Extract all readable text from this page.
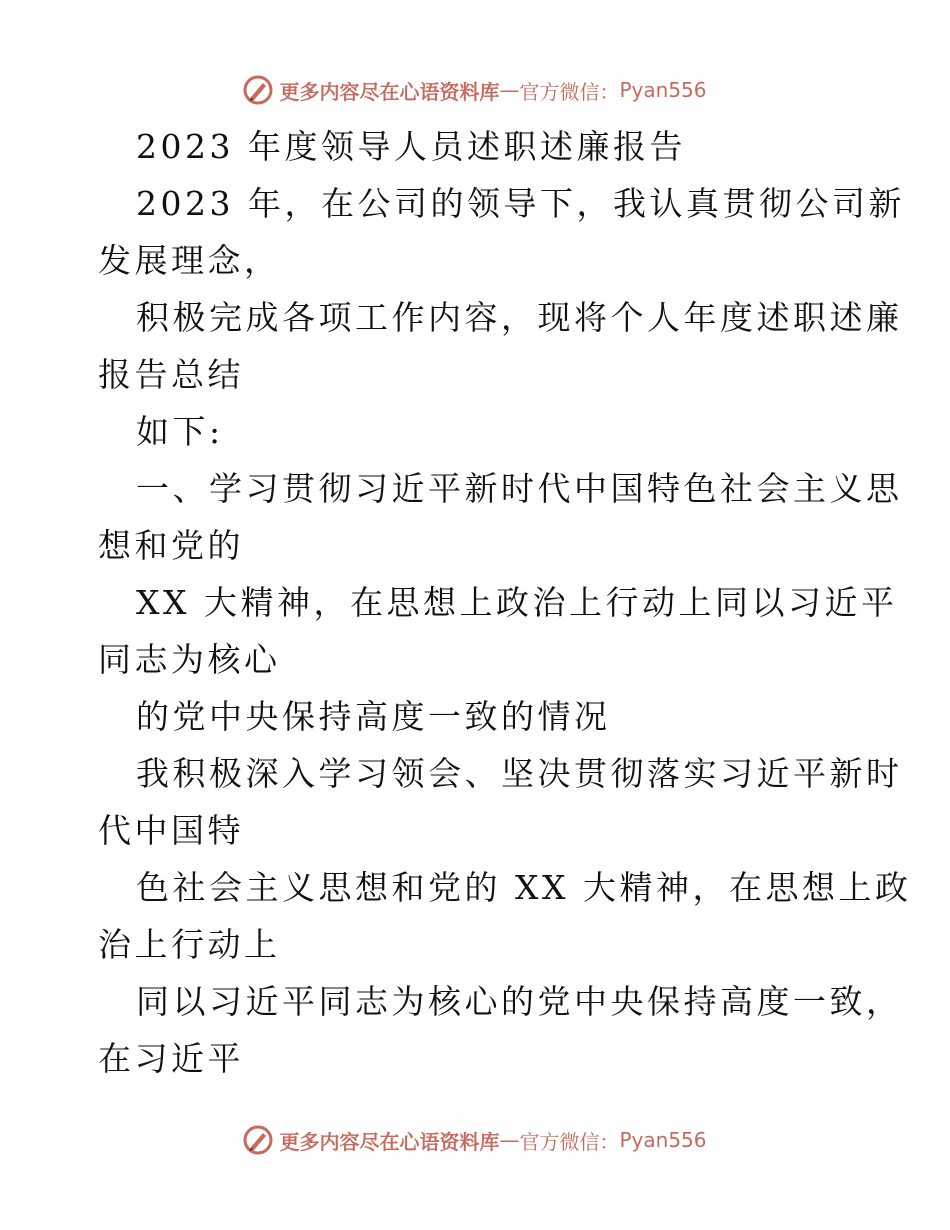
更多内容尽在心语资料库 — 官方微信： Pyan556
2023 年度领导人员述职述廉报告
2023 年，在公司的领导下，我认真贯彻公司新
发展理念，
积极完成各项工作内容，现将个人年度述职述廉
报告总结
如下:
一、学习贯彻习近平新时代中国特色社会主义思
想和党的
XX 大精神，在思想上政治上行动上同以习近平
同志为核心
的党中央保持高度一致的情况
我积极深入学习领会、坚决贯彻落实习近平新时
代中国特
色社会主义思想和党的 XX 大精神，在思想上政
治上行动上
同以习近平同志为核心的党中央保持高度一致，
在习近平
更多内容尽在心语资料库 — 官方微信： Pyan556
